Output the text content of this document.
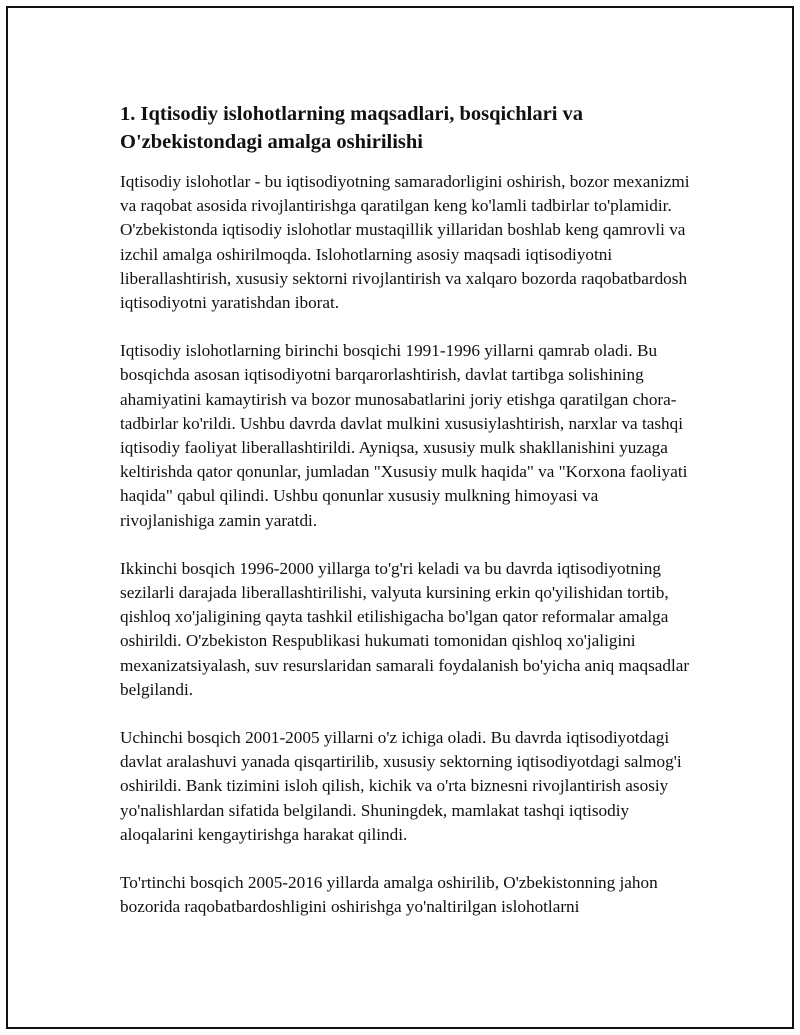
1. Iqtisodiy islohotlarning maqsadlari, bosqichlari va O'zbekistondagi amalga oshirilishi

Iqtisodiy islohotlar - bu iqtisodiyotning samaradorligini oshirish, bozor mexanizmi va raqobat asosida rivojlantirishga qaratilgan keng ko'lamli tadbirlar to'plamidir. O'zbekistonda iqtisodiy islohotlar mustaqillik yillaridan boshlab keng qamrovli va izchil amalga oshirilmoqda. Islohotlarning asosiy maqsadi iqtisodiyotni liberallashtirish, xususiy sektorni rivojlantirish va xalqaro bozorda raqobatbardosh iqtisodiyotni yaratishdan iborat.

Iqtisodiy islohotlarning birinchi bosqichi 1991-1996 yillarni qamrab oladi. Bu bosqichda asosan iqtisodiyotni barqarorlashtirish, davlat tartibga solishining ahamiyatini kamaytirish va bozor munosabatlarini joriy etishga qaratilgan chora-tadbirlar ko'rildi. Ushbu davrda davlat mulkini xususiylashtirish, narxlar va tashqi iqtisodiy faoliyat liberallashtirildi. Ayniqsa, xususiy mulk shakllanishini yuzaga keltirishda qator qonunlar, jumladan "Xususiy mulk haqida" va "Korxona faoliyati haqida" qabul qilindi. Ushbu qonunlar xususiy mulkning himoyasi va rivojlanishiga zamin yaratdi.

Ikkinchi bosqich 1996-2000 yillarga to'g'ri keladi va bu davrda iqtisodiyotning sezilarli darajada liberallashtirilishi, valyuta kursining erkin qo'yilishidan tortib, qishloq xo'jaligining qayta tashkil etilishigacha bo'lgan qator reformalar amalga oshirildi. O'zbekiston Respublikasi hukumati tomonidan qishloq xo'jaligini mexanizatsiyalash, suv resurslaridan samarali foydalanish bo'yicha aniq maqsadlar belgilandi.

Uchinchi bosqich 2001-2005 yillarni o'z ichiga oladi. Bu davrda iqtisodiyotdagi davlat aralashuvi yanada qisqartirilib, xususiy sektorning iqtisodiyotdagi salmog'i oshirildi. Bank tizimini isloh qilish, kichik va o'rta biznesni rivojlantirish asosiy yo'nalishlardan sifatida belgilandi. Shuningdek, mamlakat tashqi iqtisodiy aloqalarini kengaytirishga harakat qilindi.

To'rtinchi bosqich 2005-2016 yillarda amalga oshirilib, O'zbekistonning jahon bozorida raqobatbardoshligini oshirishga yo'naltirilgan islohotlarni
